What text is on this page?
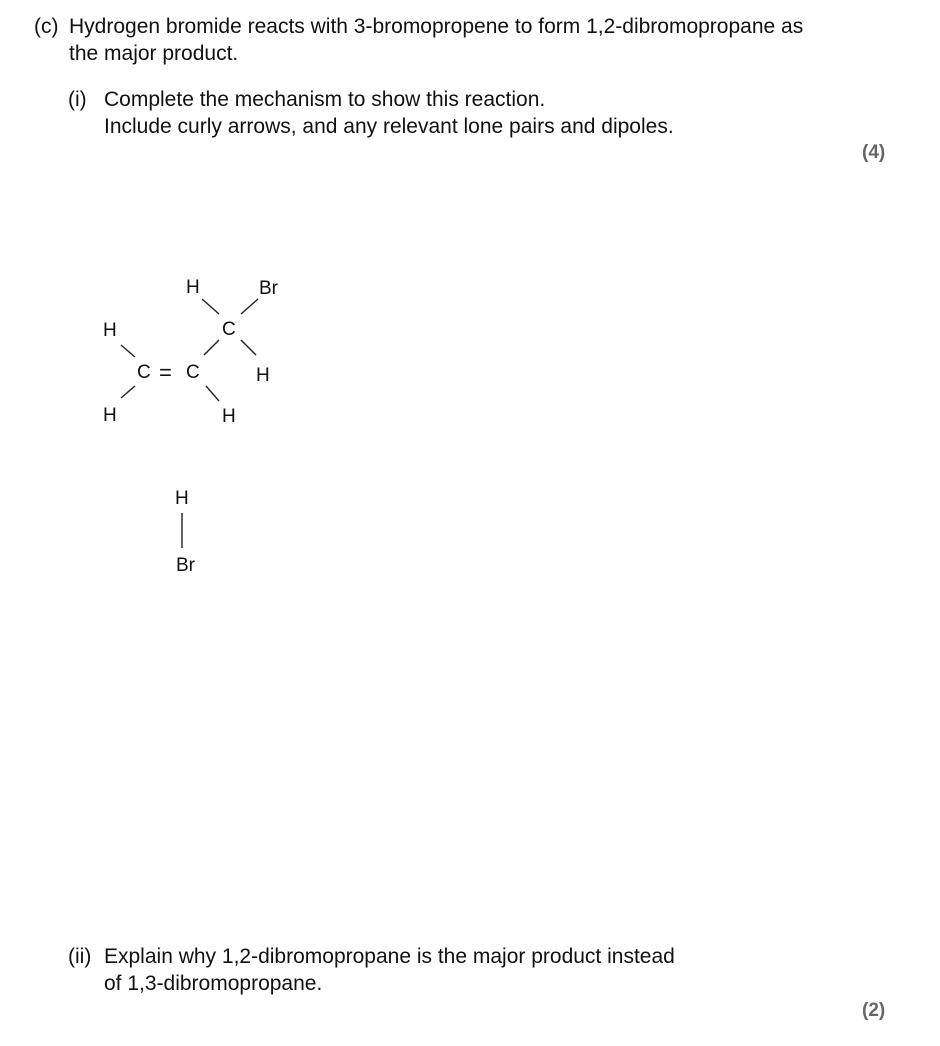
(c) Hydrogen bromide reacts with 3-bromopropene to form 1,2-dibromopropane as
the major product.
(i) Complete the mechanism to show this reaction.
Include curly arrows, and any relevant lone pairs and dipoles.
(4)
H	Br
C
H
C = C	H
H	H
H
Br
(ii) Explain why 1,2-dibromopropane is the major product instead
of 1,3-dibromopropane.
(2)
